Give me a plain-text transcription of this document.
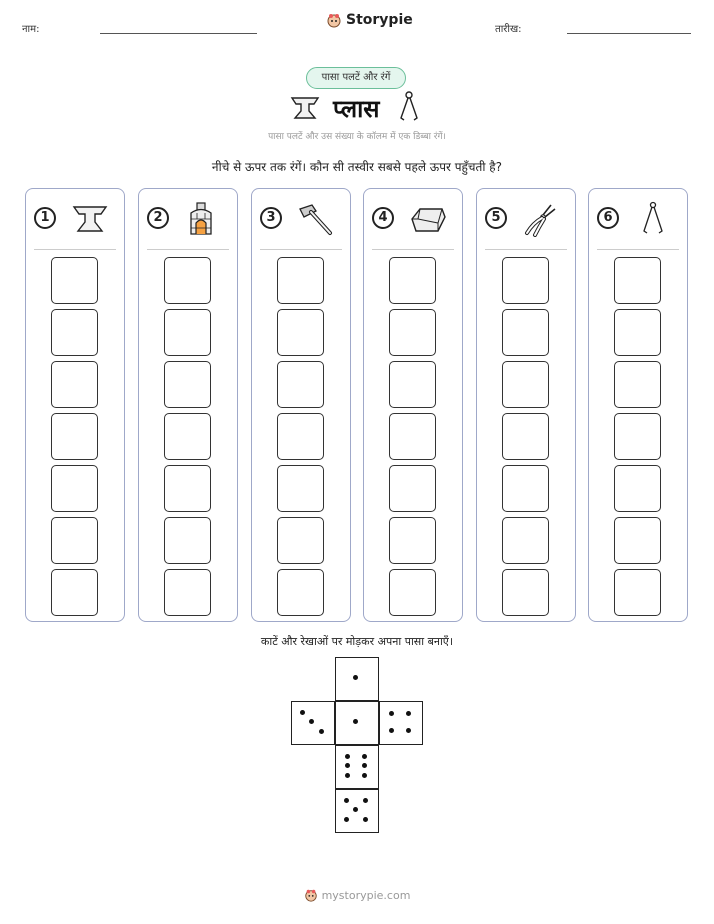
नाम:
Storypie
तारीख:
पासा पलटें और रंगें
प्लास
पासा पलटें और उस संख्या के कॉलम में एक डिब्बा रंगें।
नीचे से ऊपर तक रंगें। कौन सी तस्वीर सबसे पहले ऊपर पहुँचती है?
1	2	3	4	5	6
काटें और रेखाओं पर मोड़कर अपना पासा बनाएँ।
mystorypie.com
